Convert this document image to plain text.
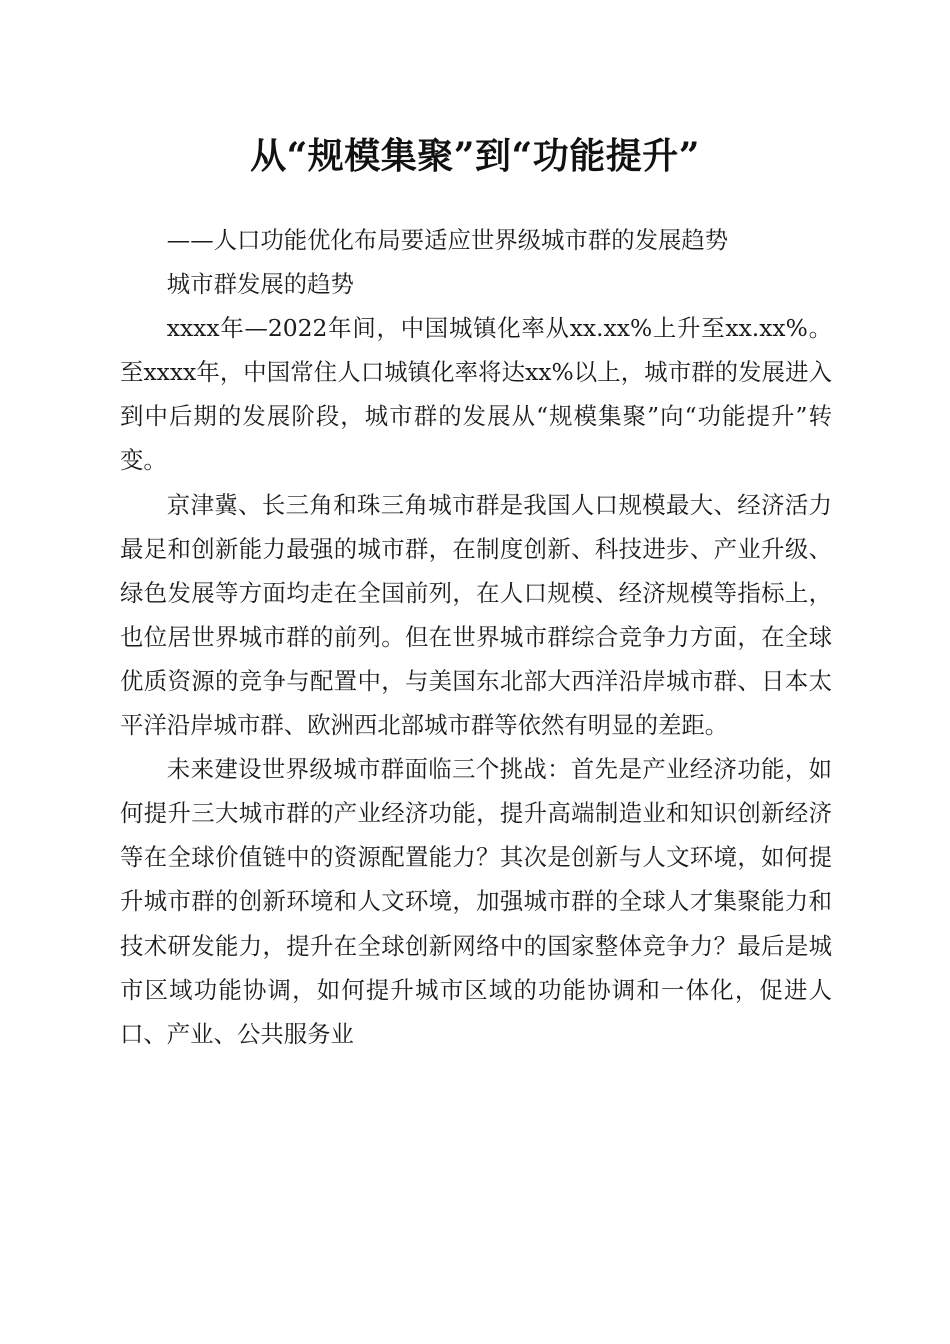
从“规模集聚”到“功能提升”

——人口功能优化布局要适应世界级城市群的发展趋势

城市群发展的趋势

xxxx年—2022年间，中国城镇化率从xx.xx%上升至xx.xx%。至xxxx年，中国常住人口城镇化率将达xx%以上，城市群的发展进入到中后期的发展阶段，城市群的发展从“规模集聚”向“功能提升”转变。

京津冀、长三角和珠三角城市群是我国人口规模最大、经济活力最足和创新能力最强的城市群，在制度创新、科技进步、产业升级、绿色发展等方面均走在全国前列，在人口规模、经济规模等指标上，也位居世界城市群的前列。但在世界城市群综合竞争力方面，在全球优质资源的竞争与配置中，与美国东北部大西洋沿岸城市群、日本太平洋沿岸城市群、欧洲西北部城市群等依然有明显的差距。

未来建设世界级城市群面临三个挑战：首先是产业经济功能，如何提升三大城市群的产业经济功能，提升高端制造业和知识创新经济等在全球价值链中的资源配置能力？其次是创新与人文环境，如何提升城市群的创新环境和人文环境，加强城市群的全球人才集聚能力和技术研发能力，提升在全球创新网络中的国家整体竞争力？最后是城市区域功能协调，如何提升城市区域的功能协调和一体化，促进人口、产业、公共服务业
